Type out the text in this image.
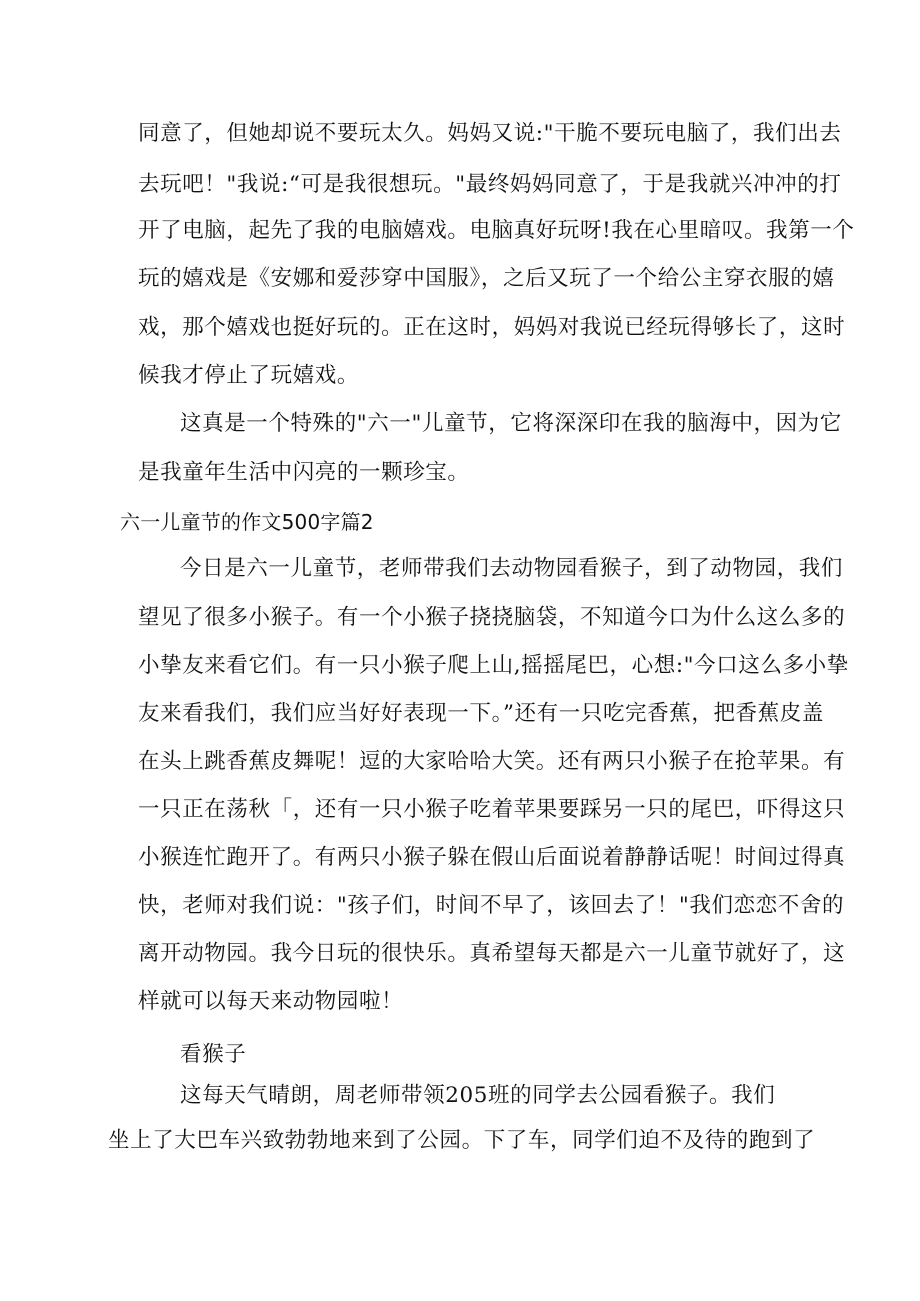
同意了，但她却说不要玩太久。妈妈又说:"干脆不要玩电脑了，我们出去
去玩吧！"我说:“可是我很想玩。"最终妈妈同意了，于是我就兴冲冲的打
开了电脑，起先了我的电脑嬉戏。电脑真好玩呀!我在心里暗叹。我第一个
玩的嬉戏是《安娜和爱莎穿中国服》，之后又玩了一个给公主穿衣服的嬉
戏，那个嬉戏也挺好玩的。正在这时，妈妈对我说已经玩得够长了，这时
候我才停止了玩嬉戏。
这真是一个特殊的"六一"儿童节，它将深深印在我的脑海中，因为它
是我童年生活中闪亮的一颗珍宝。
六一儿童节的作文500字篇2
今日是六一儿童节，老师带我们去动物园看猴子，到了动物园，我们
望见了很多小猴子。有一个小猴子挠挠脑袋，不知道今口为什么这么多的
小挚友来看它们。有一只小猴子爬上山,摇摇尾巴，心想:"今口这么多小挚
友来看我们，我们应当好好表现一下。”还有一只吃完香蕉，把香蕉皮盖
在头上跳香蕉皮舞呢！逗的大家哈哈大笑。还有两只小猴子在抢苹果。有
一只正在荡秋「，还有一只小猴子吃着苹果要踩另一只的尾巴，吓得这只
小猴连忙跑开了。有两只小猴子躲在假山后面说着静静话呢！时间过得真
快，老师对我们说："孩子们，时间不早了，该回去了！"我们恋恋不舍的
离开动物园。我今日玩的很快乐。真希望每天都是六一儿童节就好了，这
样就可以每天来动物园啦！
看猴子
这每天气晴朗，周老师带领205班的同学去公园看猴子。我们
坐上了大巴车兴致勃勃地来到了公园。下了车，同学们迫不及待的跑到了
